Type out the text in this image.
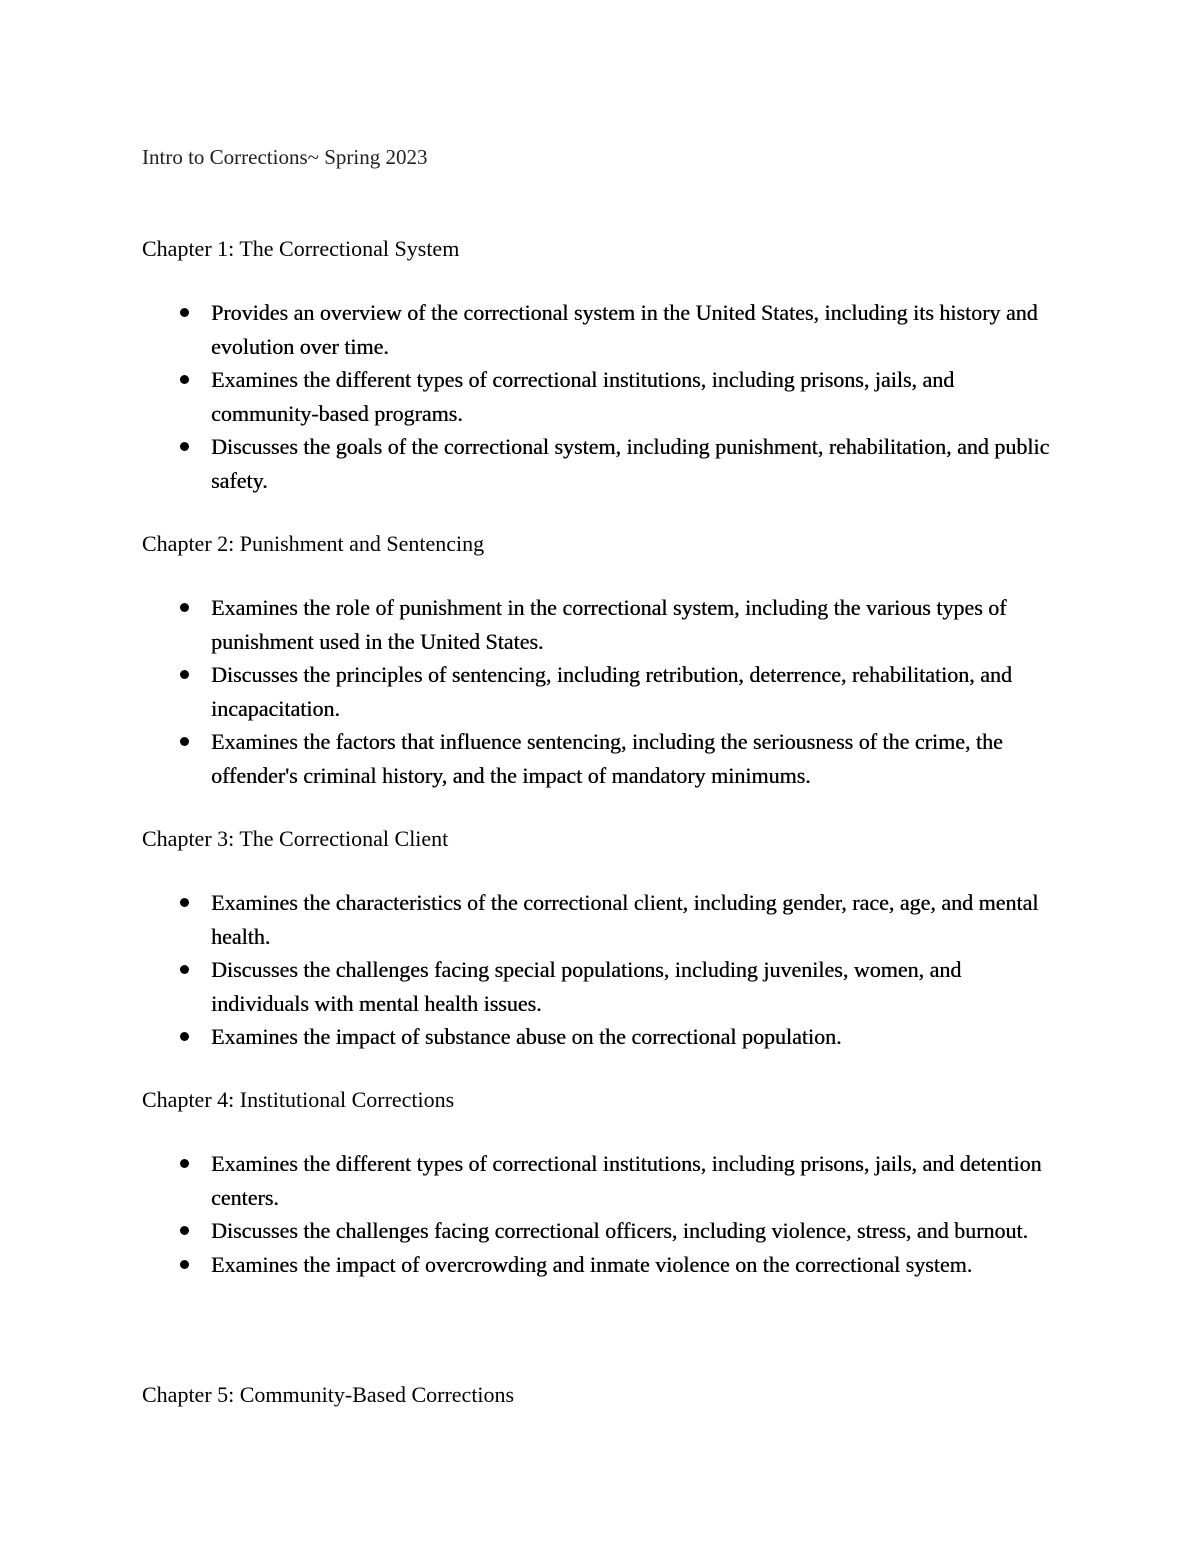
Intro to Corrections~ Spring 2023
Chapter 1: The Correctional System
Provides an overview of the correctional system in the United States, including its history and evolution over time.
Examines the different types of correctional institutions, including prisons, jails, and community-based programs.
Discusses the goals of the correctional system, including punishment, rehabilitation, and public safety.
Chapter 2: Punishment and Sentencing
Examines the role of punishment in the correctional system, including the various types of punishment used in the United States.
Discusses the principles of sentencing, including retribution, deterrence, rehabilitation, and incapacitation.
Examines the factors that influence sentencing, including the seriousness of the crime, the offender's criminal history, and the impact of mandatory minimums.
Chapter 3: The Correctional Client
Examines the characteristics of the correctional client, including gender, race, age, and mental health.
Discusses the challenges facing special populations, including juveniles, women, and individuals with mental health issues.
Examines the impact of substance abuse on the correctional population.
Chapter 4: Institutional Corrections
Examines the different types of correctional institutions, including prisons, jails, and detention centers.
Discusses the challenges facing correctional officers, including violence, stress, and burnout.
Examines the impact of overcrowding and inmate violence on the correctional system.
Chapter 5: Community-Based Corrections
